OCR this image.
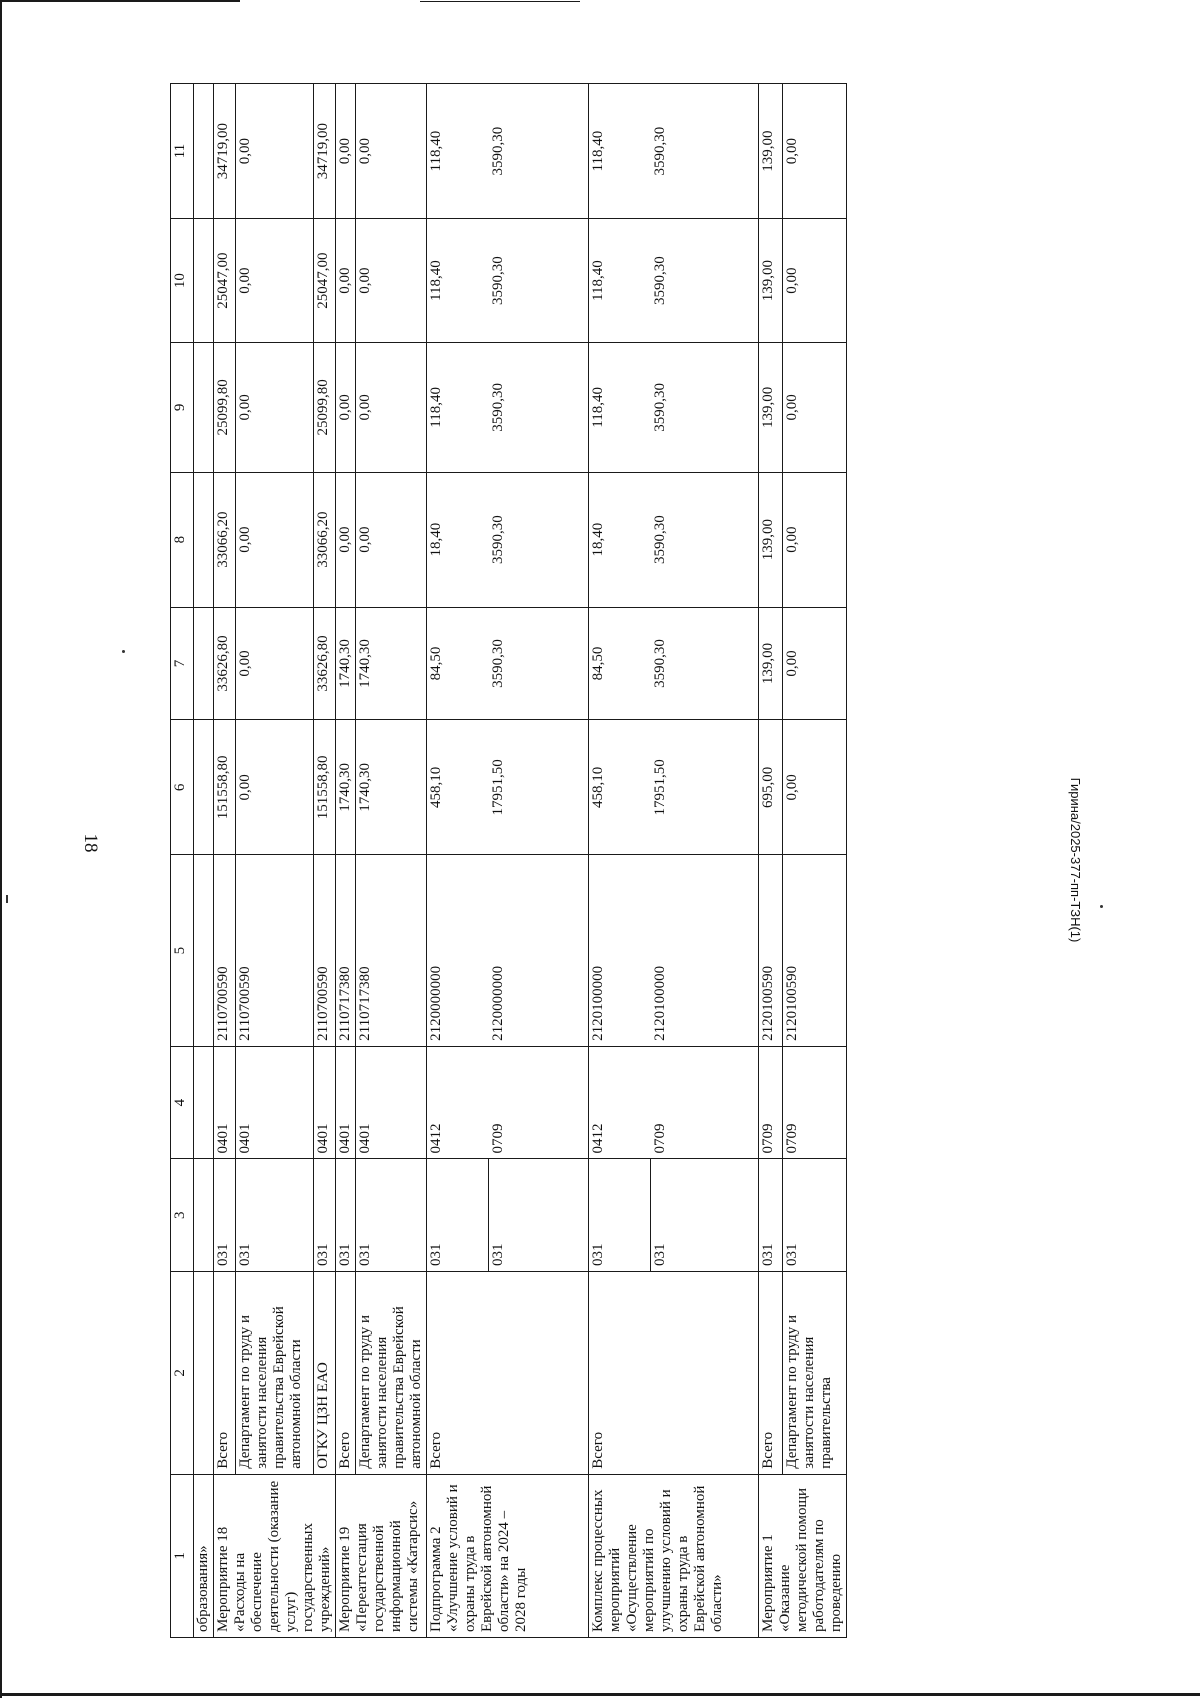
18
1	2	3	4	5	6	7	8	9	10	11
образования»										
Мероприятие 18 «Расходы на обеспечение деятельности (оказание услуг) государственных учреждений»	Всего	031	0401	2110700590	151558,80	33626,80	33066,20	25099,80	25047,00	34719,00
	Департамент по труду и занятости населения правительства Еврейской автономной области	031	0401	2110700590	0,00	0,00	0,00	0,00	0,00	0,00
	ОГКУ ЦЗН ЕАО	031	0401	2110700590	151558,80	33626,80	33066,20	25099,80	25047,00	34719,00
Мероприятие 19 «Переаттестация государственной информационной системы «Катарсис»	Всего	031	0401	2110717380	1740,30	1740,30	0,00	0,00	0,00	0,00
	Департамент по труду и занятости населения правительства Еврейской автономной области	031	0401	2110717380	1740,30	1740,30	0,00	0,00	0,00	0,00
Подпрограмма 2 «Улучшение условий и охраны труда в Еврейской автономной области» на 2024 – 2028 годы	Всего	031	0412	2120000000	458,10	84,50	18,40	118,40	118,40	118,40
		031	0709	2120000000	17951,50	3590,30	3590,30	3590,30	3590,30	3590,30
Комплекс процессных мероприятий «Осуществление мероприятий по улучшению условий и охраны труда в Еврейской автономной области»	Всего	031	0412	2120100000	458,10	84,50	18,40	118,40	118,40	118,40
		031	0709	2120100000	17951,50	3590,30	3590,30	3590,30	3590,30	3590,30
Мероприятие 1 «Оказание методической помощи работодателям по проведению	Всего	031	0709	2120100590	695,00	139,00	139,00	139,00	139,00	139,00
	Департамент по труду и занятости населения правительства	031	0709	2120100590	0,00	0,00	0,00	0,00	0,00	0,00
Гирина/2025-377-пп-ТЗН(1)
